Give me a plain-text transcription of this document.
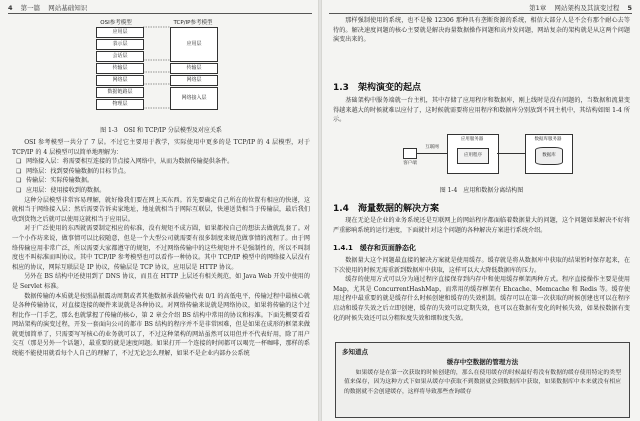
4 第一篇 网站基础知识
OSI参考模型	TCP/IP参考模型
应用层
表示层
会话层
传输层
网络层
数据链路层
物理层
应用层
传输层
网络层
网络接入层
图 1-3　OSI 和 TCP/IP 分层模型及对应关系

OSI 参考模型一共分了 7 层。不过它主要用于教学，实际使用中更多的是 TCP/IP 的 4 层模型，对于 TCP/IP 的 4 层模型可以简单地理解为：

❑ 网络接入层：将需要相互连接的节点接入网络中，从而为数据传输提供条件。

❑ 网络层：找到要传输数据的目标节点。

❑ 传输层：实际传输数据。

❑ 应用层：使用接收到的数据。

这种分层模型非常容易理解，就好像我们要在网上买东西。首先要确定自己所在的位置有相应的快递，这就相当于网络接入层；然后需要告诉卖家地址，地址就相当于网际互联层，快递送货相当于传输层，最后我们收到货物之后就可以使用这就相当于应用层。

对于广泛使用的东西就需要制定相应的标准，没有规矩不成方圆，如果都按自己的想法去做就乱套了。对一个小作坊来说，做事情可以比较随意，但是一个大型公司就需要有很多制度来规范做事情的流程了。由于网络传输应用非常广泛，所以需要大家都遵守的规矩，不过网络传输中的这些规矩并不是强制性的，所以不叫制度也不叫标准而叫协议。其中 TCP/IP 参考模型也可以看作一种协议。其中 TCP/IP 模型中的网络接入层没有相应的协议，网际互联层是 IP 协议，传输层是 TCP 协议，应用层是 HTTP 协议。

另外在 BS 结构中还使用到了 DNS 协议，而且在 HTTP 上层还有相关规范，如 Java Web 开发中使用的是 Servlet 标准。

数据传输的本质就是按照晶振震动周期或者其他数据承载传输代表 0/1 的高低电平，传输过程中最核心就是各种传输协议，对直接连接的硬件来说就是各种协议。对网络传输来说就是网络协议，如果将传输的这个过程比作一门手艺，那么也就掌握了传输的核心，第 2 章会介绍 BS 结构中常用的协议和标准。下面先概要看看网站架构的演变过程，开发一套面向公司的都市 BS 结构的程序并不是非常困难，但是如果在成形的框架来做就更加简单了，只需要写写核心的业务就可以了，不过这种架构的网站虽然可以用但并不代表好用，除了用户交互（那是另外一个话题），最重要的就是速度问题。如果打开一个连接的时间都可以喝完一杯咖啡，那样的系统能不能使用就看每个人自己的理解了，不过无论怎么理解，如果不是企业内部办公系统

第1章 网站架构及其演变过程 5

那样强制使用的系统，也不是像 12306 那种具有垄断资源的系统，相信大部分人是不会有那个耐心去等待的。解决速度问题的核心主要就是解决海量数据操作问题和高并发问题，网站复杂的架构就是从这两个问题演变出来的。

1.3　架构演变的起点

基础架构中服务端就一台主机，其中存储了应用程序和数据库，刚上线时是没有问题的，当数据和流量变得越来越大的时候就难以应付了，这时候就需要将应用程序和数据库分别放到不同主机中，其结构如图 1-4 所示。

客户端
互联网
应用服务器
应用程序
数据库服务器
数据库
图 1-4　应用和数据分离结构图
1.4　海量数据的解决方案

现在无论是企业的业务系统还是互联网上的网站程序都面临着数据量大的问题，这个问题如果解决不好将严重影响系统的运行速度，下面就针对这个问题的各种解决方案进行系统介绍。

1.4.1　缓存和页面静态化

数据量大这个问题最直接的解决方案就是使用缓存。缓存就是将从数据库中获取的结果暂时保存起来，在下次使用的时候无需重新到数据库中获取，这样可以大大降低数据库的压力。

缓存的使用方式可以分为通过程序直接保存到内存中和使用缓存框架两种方式。程序直接操作主要是使用 Map，尤其是 ConcurrentHashMap，而常用的缓存框架有 Ehcache、Memcache 和 Redis 等。缓存使用过程中最重要的就是缓存什么时候创建和缓存的失效机制。缓存可以在第一次获取的时候创建也可以在程序启动和缓存失效之后立即创建，缓存的失效可以定期失效，也可以在数据有变化的时候失效，如果按数据有变化的时候失效还可以分粗粒度失效和细粒度失效。

多知道点
缓存中空数据的管理方法
如果缓存是在第一次获取的时候创建的，那么在使用缓存的时候最好将没有数据的缓存使用特定的类型值来保存，因为这种方式下如果从缓存中获取不到数据就会到数据库中获取，如果数据库中本来就没有相应的数据就不会创建缓存，这样将导致那些查询缓存
